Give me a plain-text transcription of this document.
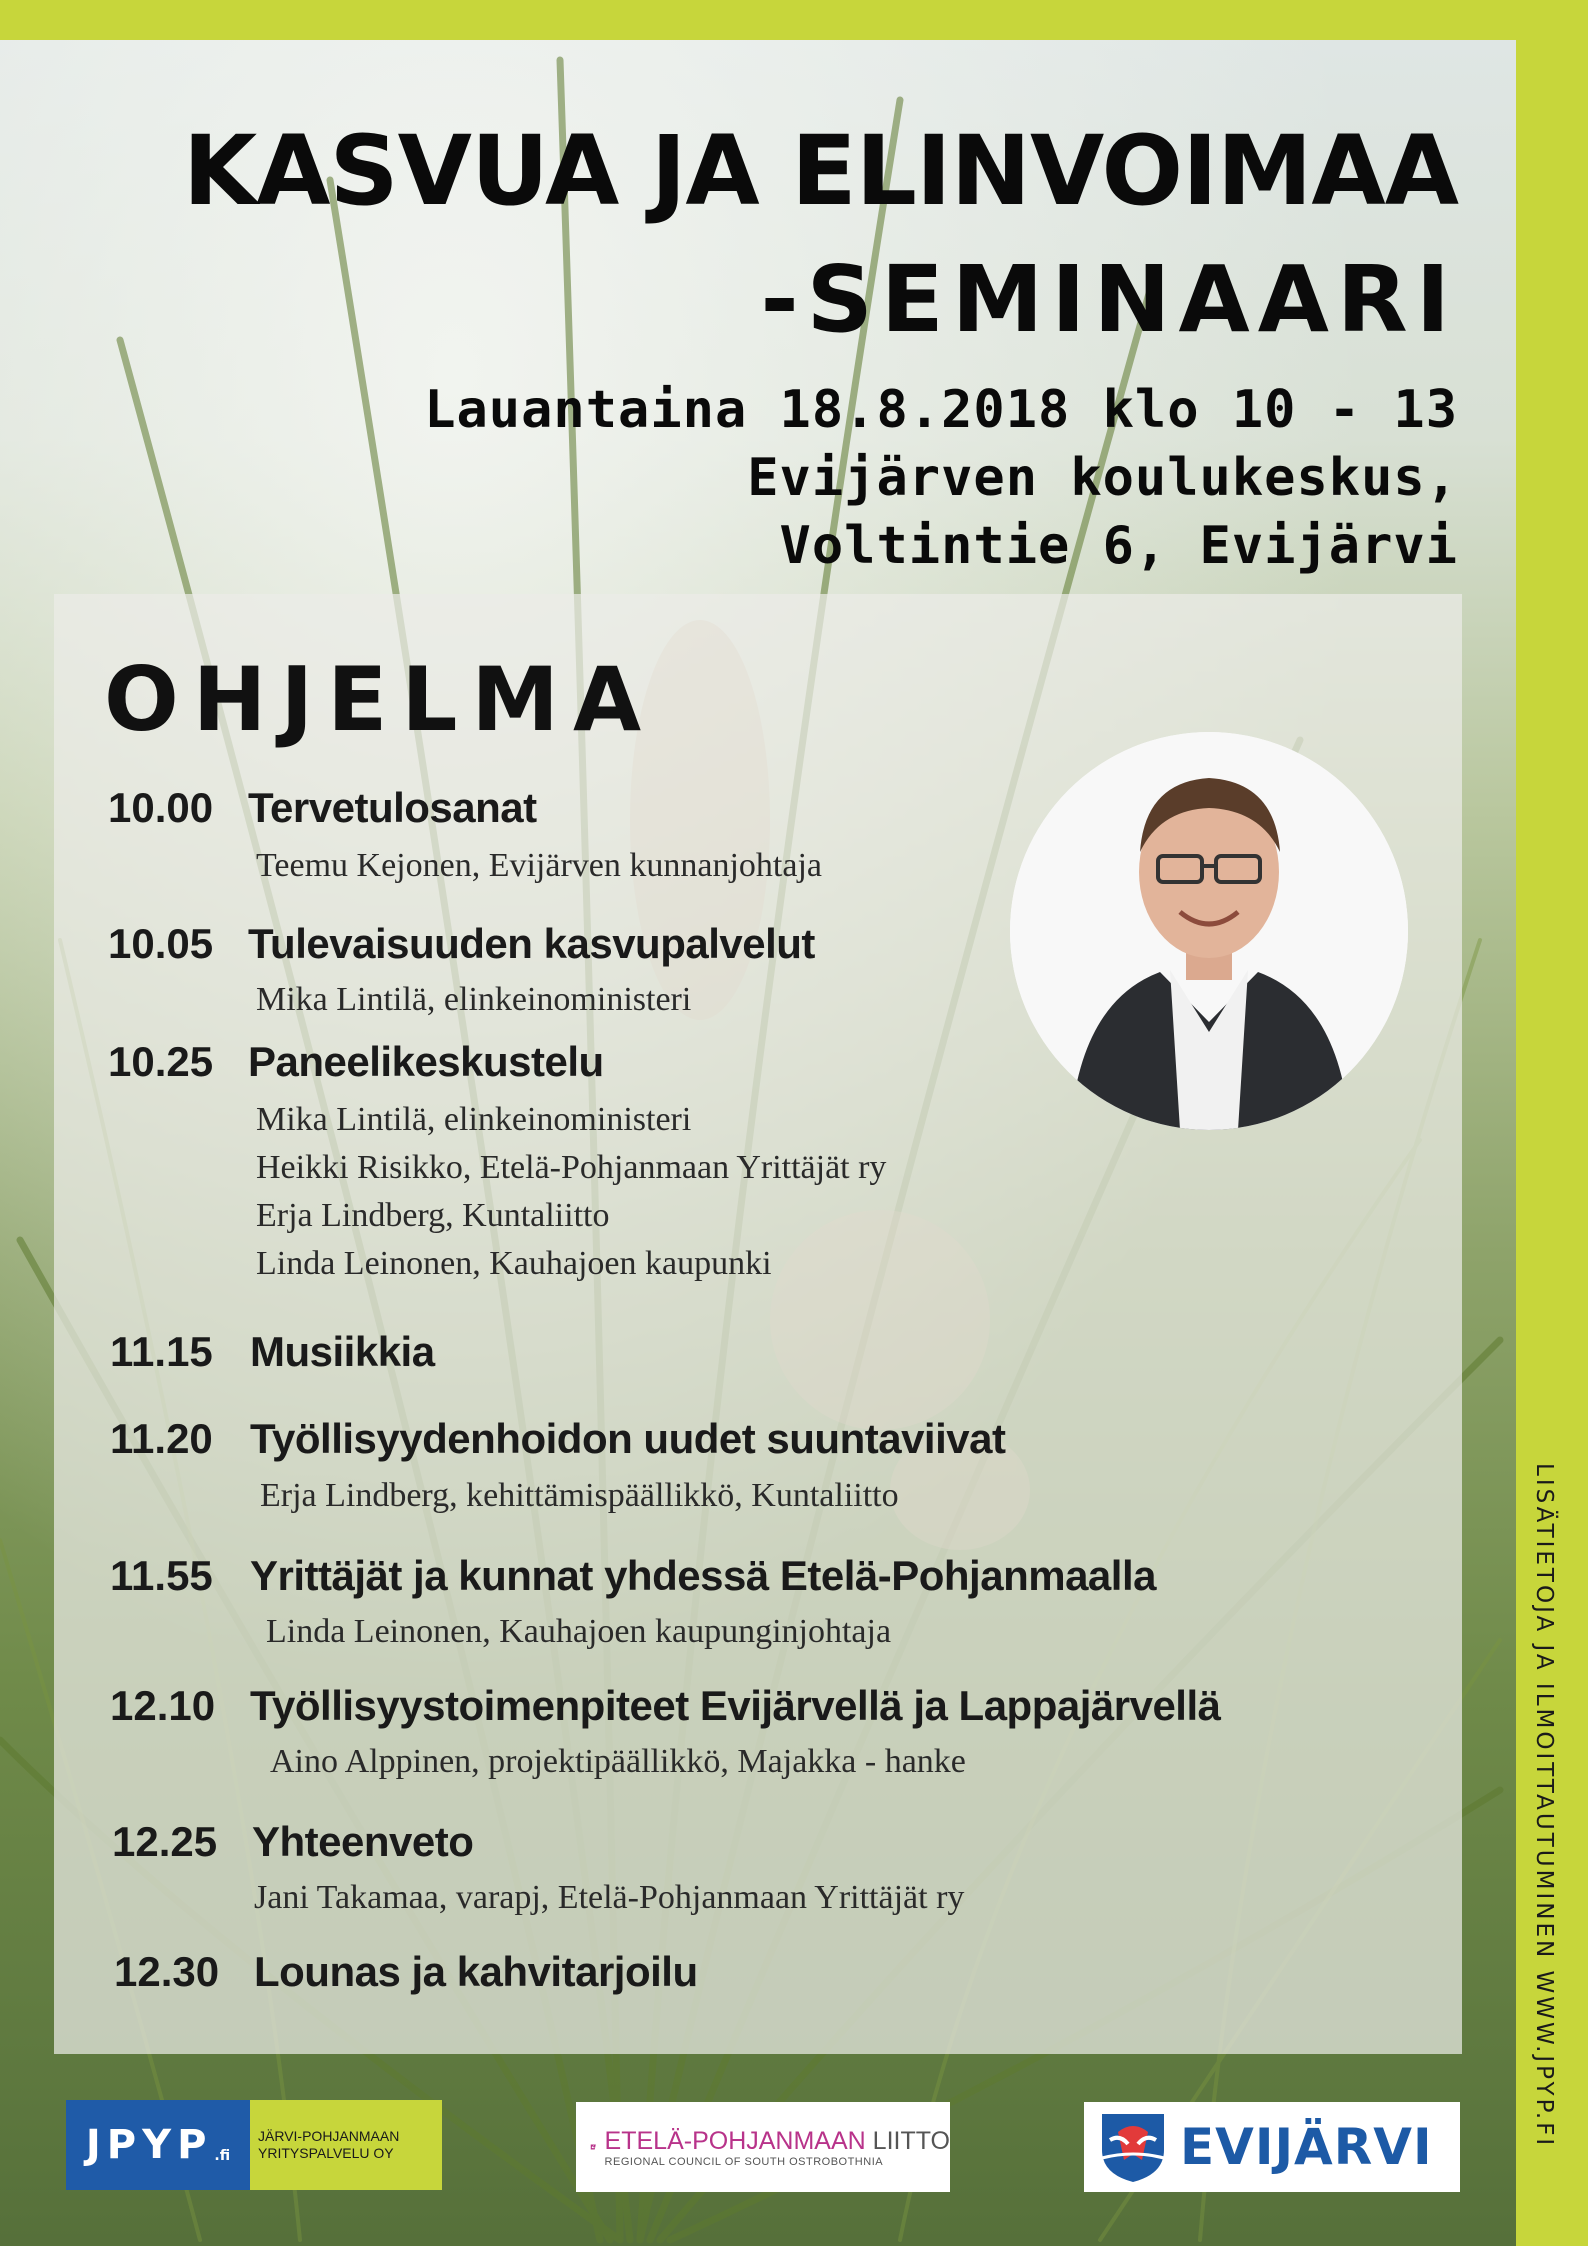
KASVUA JA ELINVOIMAA
-SEMINAARI
Lauantaina 18.8.2018 klo 10 - 13
Evijärven koulukeskus,
Voltintie 6, Evijärvi
OHJELMA
10.00 Tervetulosanat
Teemu Kejonen, Evijärven kunnanjohtaja
10.05 Tulevaisuuden kasvupalvelut
Mika Lintilä, elinkeinoministeri
10.25 Paneelikeskustelu
Mika Lintilä, elinkeinoministeri
Heikki Risikko, Etelä-Pohjanmaan Yrittäjät ry
Erja Lindberg, Kuntaliitto
Linda Leinonen, Kauhajoen kaupunki
11.15 Musiikkia
11.20 Työllisyydenhoidon uudet suuntaviivat
Erja Lindberg, kehittämispäällikkö, Kuntaliitto
11.55 Yrittäjät ja kunnat yhdessä Etelä-Pohjanmaalla
Linda Leinonen, Kauhajoen kaupunginjohtaja
12.10 Työllisyystoimenpiteet Evijärvellä ja Lappajärvellä
Aino Alppinen, projektipäällikkö, Majakka - hanke
12.25 Yhteenveto
Jani Takamaa, varapj, Etelä-Pohjanmaan Yrittäjät ry
12.30 Lounas ja kahvitarjoilu	LISÄTIETOJA JA ILMOITTAUTUMINEN WWW.JPYP.FI
JPYP .fi
JÄRVI-POHJANMAAN
YRITYSPALVELU OY	ETELÄ-POHJANMAAN LIITTO
REGIONAL COUNCIL OF SOUTH OSTROBOTHNIA	EVIJÄRVI
